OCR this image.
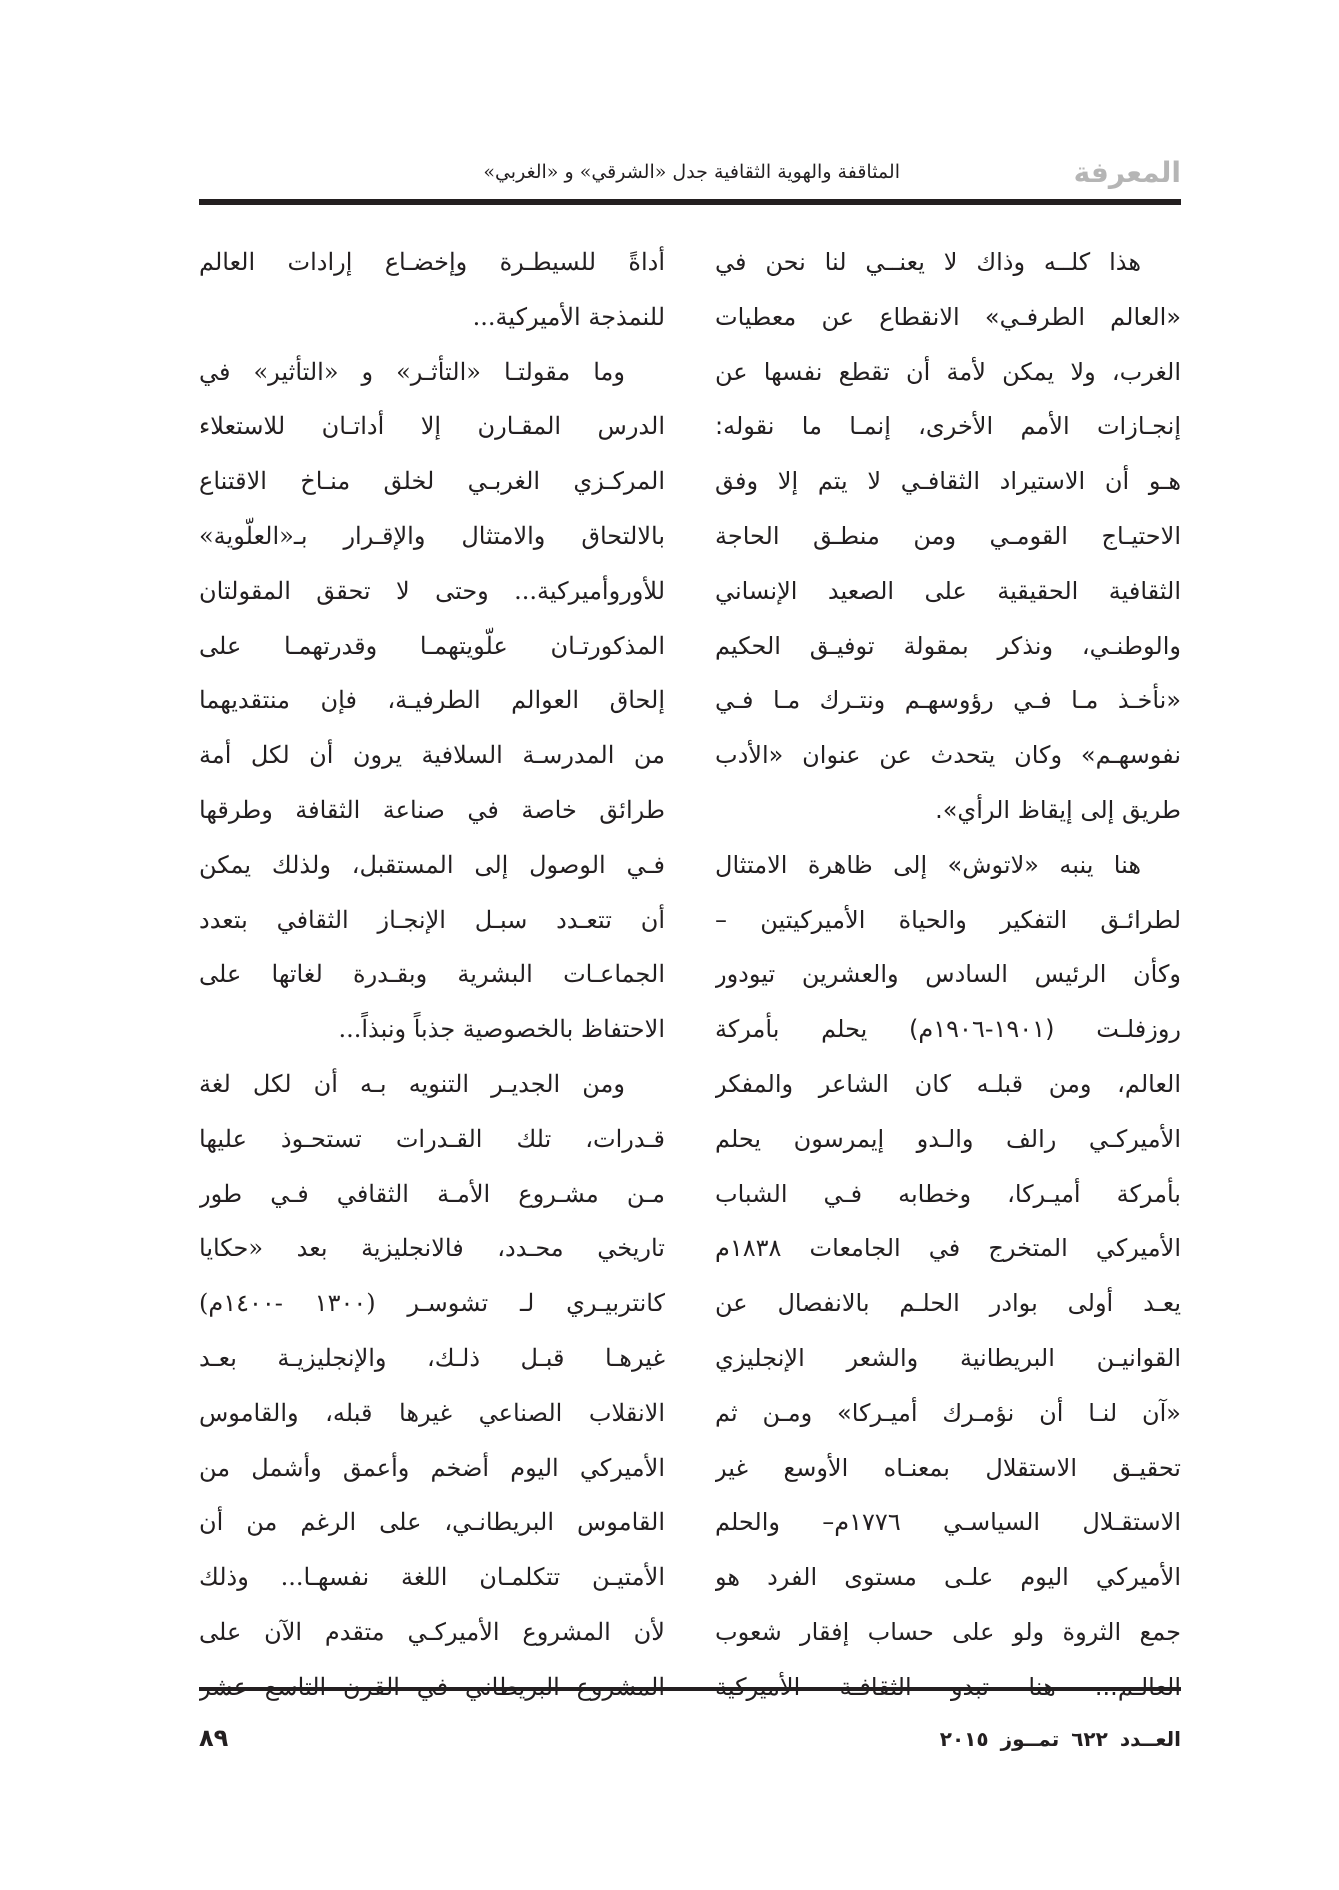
المعرفة
المثاقفة والهوية الثقافية جدل «الشرقي» و «الغربي»
هذا كلــه وذاك لا يعنــي لنا نحن في
«العالم الطرفـي» الانقطاع عن معطيات
الغرب، ولا يمكن لأمة أن تقطع نفسها عن
إنجـازات الأمم الأخرى، إنمـا ما نقوله:
هـو أن الاستيراد الثقافـي لا يتم إلا وفق
الاحتيـاج القومـي ومن منطـق الحاجة
الثقافية الحقيقية على الصعيد الإنساني
والوطنـي، ونذكر بمقولة توفيـق الحكيم
«نأخـذ مـا فـي رؤوسهـم ونتـرك مـا فـي
نفوسهـم» وكان يتحدث عن عنوان «الأدب
طريق إلى إيقاظ الرأي».
هنا ينبه «لاتوش» إلى ظاهرة الامتثال
لطرائـق التفكير والحياة الأميركيتين –
وكأن الرئيس السادس والعشرين تيودور
روزفلـت (١٩٠١-١٩٠٦م) يحلم بأمركة
العالم، ومن قبلـه كان الشاعر والمفكر
الأميركـي رالف والـدو إيمرسون يحلم
بأمركة أميـركا، وخطابه فـي الشباب
الأميركي المتخرج في الجامعات ١٨٣٨م
يعـد أولى بوادر الحلـم بالانفصال عن
القوانيـن البريطانية والشعر الإنجليزي
«آن لنـا أن نؤمـرك أميـركا» ومـن ثم
تحقيـق الاستقلال بمعنـاه الأوسع غير
الاستقـلال السياسـي ١٧٧٦م– والحلم
الأميركي اليوم علـى مستوى الفرد هو
جمع الثروة ولو على حساب إفقار شعوب
أداةً للسيطـرة وإخضـاع إرادات العالم
للنمذجة الأميركية...
وما مقولتـا «التأثـر» و «التأثير» في
الدرس المقـارن إلا أداتـان للاستعلاء
المركـزي الغربـي لخلق منـاخ الاقتناع
بالالتحاق والامتثال والإقـرار بـ«العلّوية»
للأوروأميركية... وحتى لا تحقق المقولتان
المذكورتـان علّويتهمـا وقدرتهمـا على
إلحاق العوالم الطرفيـة، فإن منتقديهما
من المدرسـة السلافية يرون أن لكل أمة
طرائق خاصة في صناعة الثقافة وطرقها
فـي الوصول إلى المستقبل، ولذلك يمكن
أن تتعـدد سبـل الإنجـاز الثقافي بتعدد
الجماعـات البشرية وبقـدرة لغاتها على
الاحتفاظ بالخصوصية جذباً ونبذاً...
ومن الجديـر التنويه بـه أن لكل لغة
قـدرات، تلك القـدرات تستحـوذ عليها
مـن مشـروع الأمـة الثقافي فـي طور
تاريخي محـدد، فالانجليزية بعد «حكايا
كانتربيـري لـ تشوسـر (١٣٠٠ -١٤٠٠م)
غيرهـا قبـل ذلـك، والإنجليزيـة بعـد
الانقلاب الصناعي غيرها قبله، والقاموس
الأميركي اليوم أضخم وأعمق وأشمل من
القاموس البريطانـي، على الرغم من أن
الأمتيـن تتكلمـان اللغة نفسهـا... وذلك
لأن المشروع الأميركـي متقدم الآن على
العــدد٦٢٢تمــوز٢٠١٥
٨٩
